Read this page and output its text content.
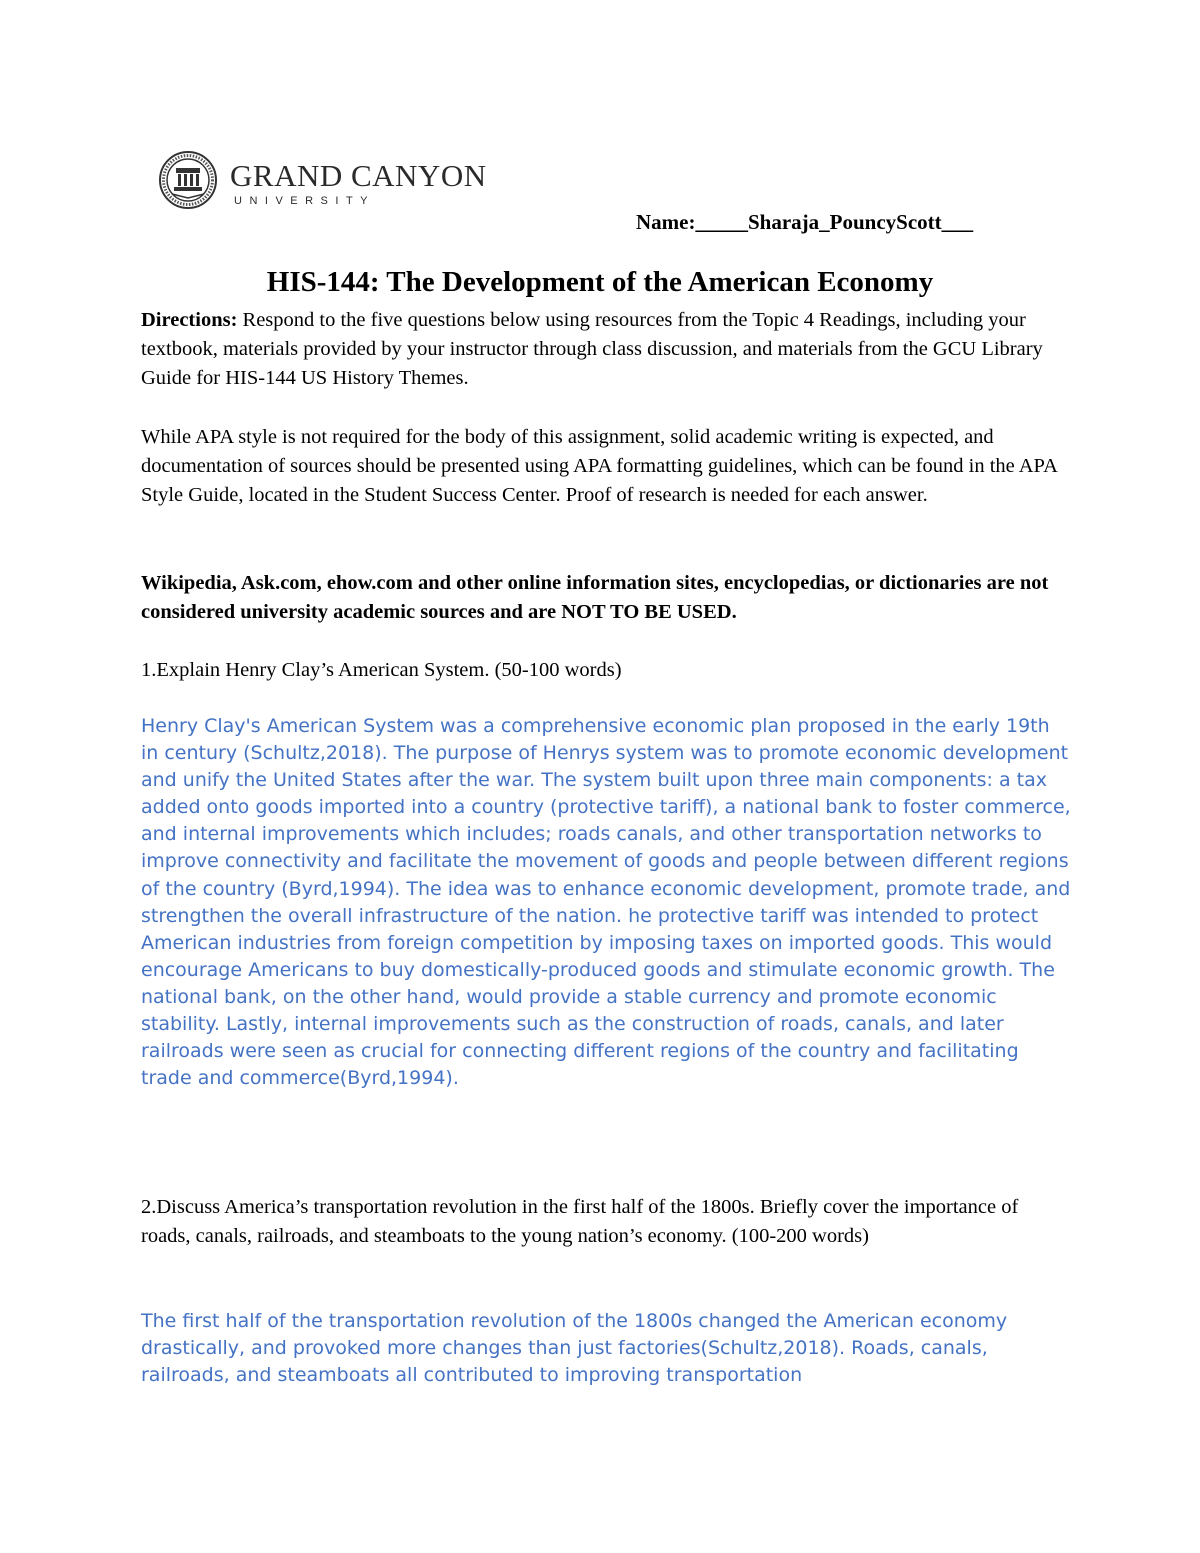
GRAND CANYON
UNIVERSITY
Name:_____Sharaja_PouncyScott___
HIS-144: The Development of the American Economy

Directions: Respond to the five questions below using resources from the Topic 4 Readings, including your textbook, materials provided by your instructor through class discussion, and materials from the GCU Library Guide for HIS-144 US History Themes.

While APA style is not required for the body of this assignment, solid academic writing is expected, and documentation of sources should be presented using APA formatting guidelines, which can be found in the APA Style Guide, located in the Student Success Center. Proof of research is needed for each answer.

Wikipedia, Ask.com, ehow.com and other online information sites, encyclopedias, or dictionaries are not considered university academic sources and are NOT TO BE USED.

1.Explain Henry Clay’s American System. (50-100 words)

Henry Clay's American System was a comprehensive economic plan proposed in the early 19th in century (Schultz,2018). The purpose of Henrys system was to promote economic development and unify the United States after the war. The system built upon three main components: a tax added onto goods imported into a country (protective tariff), a national bank to foster commerce, and internal improvements which includes; roads canals, and other transportation networks to improve connectivity and facilitate the movement of goods and people between different regions of the country (Byrd,1994). The idea was to enhance economic development, promote trade, and strengthen the overall infrastructure of the nation. he protective tariff was intended to protect American industries from foreign competition by imposing taxes on imported goods. This would encourage Americans to buy domestically-produced goods and stimulate economic growth. The national bank, on the other hand, would provide a stable currency and promote economic stability. Lastly, internal improvements such as the construction of roads, canals, and later railroads were seen as crucial for connecting different regions of the country and facilitating trade and commerce(Byrd,1994).

2.Discuss America’s transportation revolution in the first half of the 1800s. Briefly cover the importance of roads, canals, railroads, and steamboats to the young nation’s economy. (100-200 words)

The first half of the transportation revolution of the 1800s changed the American economy drastically, and provoked more changes than just factories(Schultz,2018). Roads, canals, railroads, and steamboats all contributed to improving transportation
